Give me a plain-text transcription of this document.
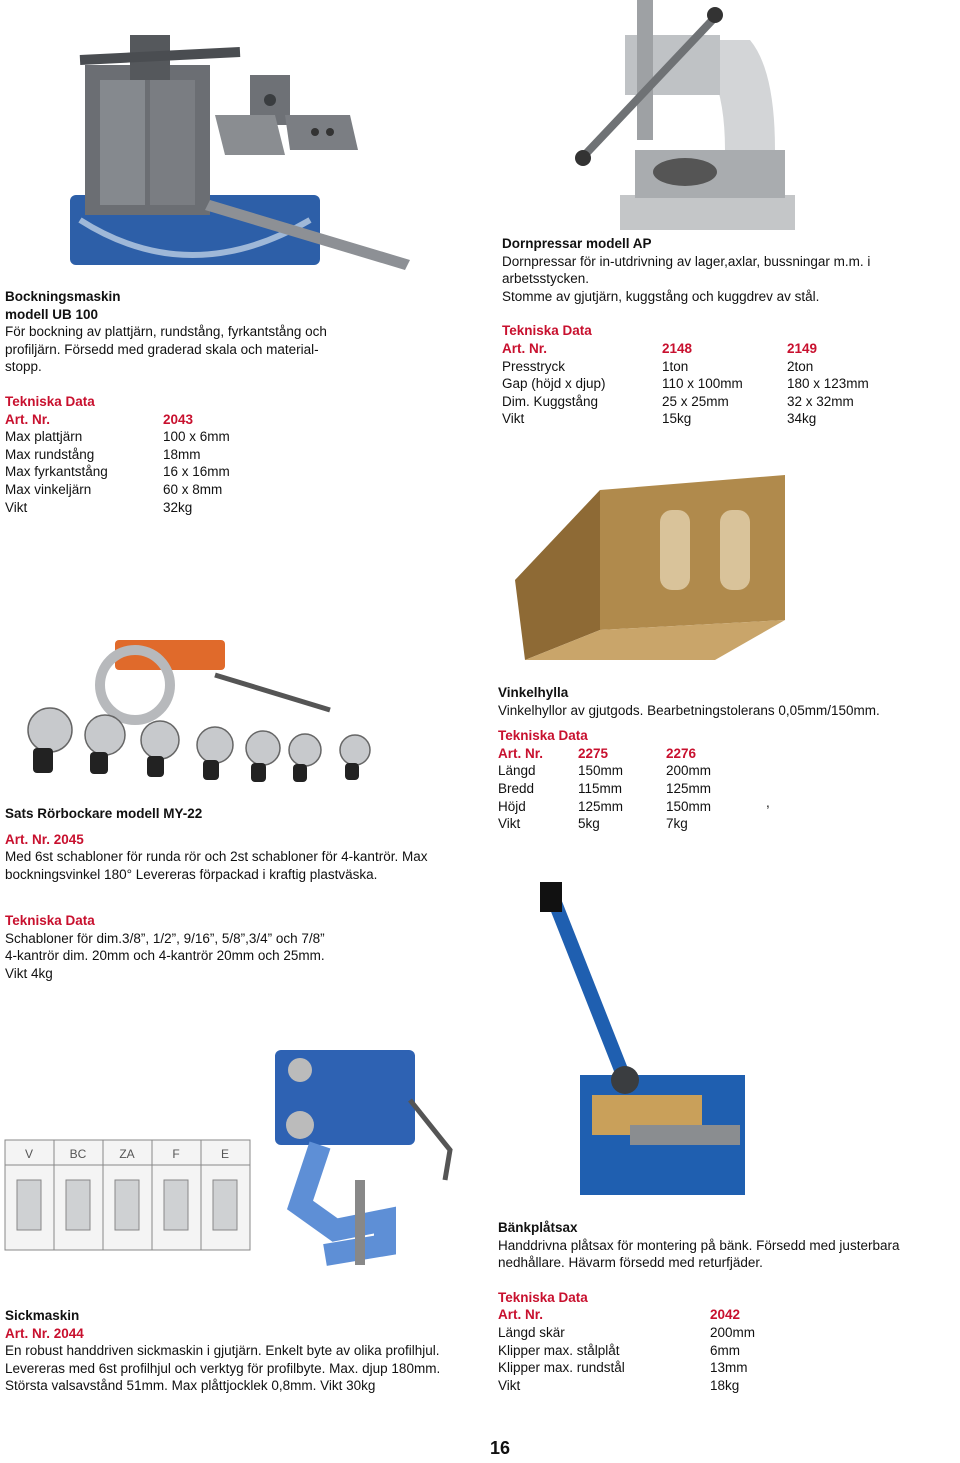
V	BC	ZA	F	E
Bockningsmaskin
modell UB 100
För bockning av plattjärn, rundstång, fyrkantstång och profiljärn. Försedd med graderad skala och material-stopp.
Tekniska Data
Art. Nr.	2043
Max plattjärn	100 x 6mm
Max rundstång	18mm
Max fyrkantstång	16 x 16mm
Max vinkeljärn	60 x 8mm
Vikt	32kg
Dornpressar modell AP
Dornpressar för in-utdrivning av lager,axlar, bussningar m.m. i arbetsstycken.
Stomme av gjutjärn, kuggstång och kuggdrev av stål.
Tekniska Data
Art. Nr.	2148	2149
Presstryck	1ton	2ton
Gap (höjd x djup)	110 x 100mm	180 x 123mm
Dim. Kuggstång	25 x 25mm	32 x 32mm
Vikt	15kg	34kg
Sats Rörbockare modell MY-22
Art. Nr. 2045
Med 6st schabloner för runda rör och 2st schabloner för 4-kantrör. Max bockningsvinkel 180° Levereras förpackad i kraftig plastväska.
Tekniska Data
Schabloner för dim.3/8”, 1/2”, 9/16”, 5/8”,3/4” och 7/8”
4-kantrör dim. 20mm och 4-kantrör 20mm och 25mm.
Vikt 4kg
Vinkelhylla
Vinkelhyllor av gjutgods. Bearbetningstolerans 0,05mm/150mm.
Tekniska Data
Art. Nr.	2275	2276
Längd	150mm	200mm
Bredd	115mm	125mm
Höjd	125mm	150mm
Vikt	5kg	7kg
,
Bänkplåtsax
Handdrivna plåtsax för montering på bänk. Försedd med justerbara nedhållare. Hävarm försedd med returfjäder.
Tekniska Data
Art. Nr.	2042
Längd skär	200mm
Klipper max. stålplåt	6mm
Klipper max. rundstål	13mm
Vikt	18kg
Sickmaskin
Art. Nr. 2044
En robust handdriven sickmaskin i gjutjärn. Enkelt byte av olika profilhjul. Levereras med 6st profilhjul och verktyg för profilbyte. Max. djup 180mm. Största valsavstånd 51mm. Max plåttjocklek 0,8mm. Vikt 30kg
16
